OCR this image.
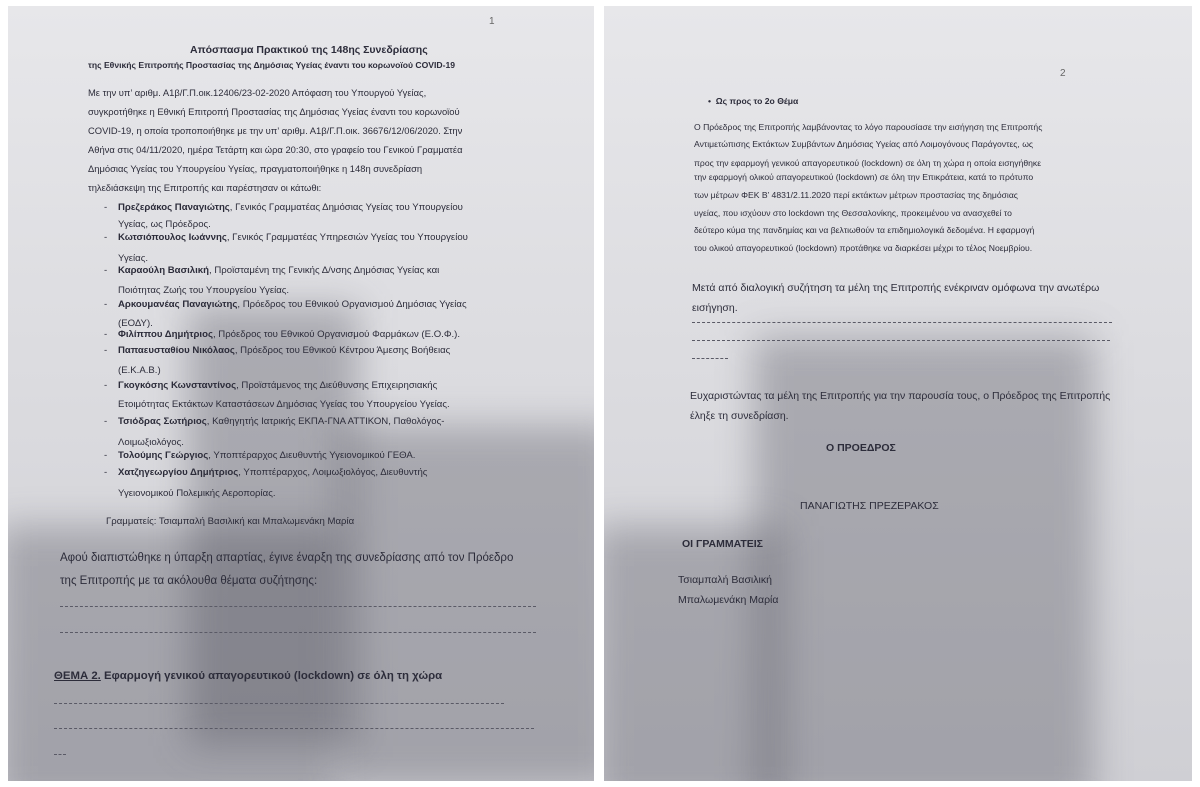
1
Απόσπασμα Πρακτικού της 148ης Συνεδρίασης
της Εθνικής Επιτροπής Προστασίας της Δημόσιας Υγείας έναντι του κορωνοϊού COVID-19
Με την υπ’ αριθμ. Α1β/Γ.Π.οικ.12406/23-02-2020 Απόφαση του Υπουργού Υγείας,
συγκροτήθηκε η Εθνική Επιτροπή Προστασίας της Δημόσιας Υγείας έναντι του κορωνοϊού
COVID-19, η οποία τροποποιήθηκε με την υπ’ αριθμ. Α1β/Γ.Π.οικ. 36676/12/06/2020. Στην
Αθήνα στις 04/11/2020, ημέρα Τετάρτη και ώρα 20:30, στο γραφείο του Γενικού Γραμματέα
Δημόσιας Υγείας του Υπουργείου Υγείας, πραγματοποιήθηκε η 148η συνεδρίαση
τηλεδιάσκεψη της Επιτροπής και παρέστησαν οι κάτωθι:
- Πρεζεράκος Παναγιώτης, Γενικός Γραμματέας Δημόσιας Υγείας του Υπουργείου
Υγείας, ως Πρόεδρος.
- Κωτσιόπουλος Ιωάννης, Γενικός Γραμματέας Υπηρεσιών Υγείας του Υπουργείου
Υγείας.
- Καραούλη Βασιλική, Προϊσταμένη της Γενικής Δ/νσης Δημόσιας Υγείας και
Ποιότητας Ζωής του Υπουργείου Υγείας.
- Αρκουμανέας Παναγιώτης, Πρόεδρος του Εθνικού Οργανισμού Δημόσιας Υγείας
(ΕΟΔΥ).
- Φιλίππου Δημήτριος, Πρόεδρος του Εθνικού Οργανισμού Φαρμάκων (Ε.Ο.Φ.).
- Παπαευσταθίου Νικόλαος, Πρόεδρος του Εθνικού Κέντρου Άμεσης Βοήθειας
(Ε.Κ.Α.Β.)
- Γκογκόσης Κωνσταντίνος, Προϊστάμενος της Διεύθυνσης Επιχειρησιακής
Ετοιμότητας Εκτάκτων Καταστάσεων Δημόσιας Υγείας του Υπουργείου Υγείας.
- Τσιόδρας Σωτήριος, Καθηγητής Ιατρικής ΕΚΠΑ-ΓΝΑ ΑΤΤΙΚΟΝ, Παθολόγος-
Λοιμωξιολόγος.
- Τολούμης Γεώργιος, Υποπτέραρχος Διευθυντής Υγειονομικού ΓΕΘΑ.
- Χατζηγεωργίου Δημήτριος, Υποπτέραρχος, Λοιμωξιολόγος, Διευθυντής
Υγειονομικού Πολεμικής Αεροπορίας.
Γραμματείς: Τσιαμπαλή Βασιλική και Μπαλωμενάκη Μαρία
Αφού διαπιστώθηκε η ύπαρξη απαρτίας, έγινε έναρξη της συνεδρίασης από τον Πρόεδρο
της Επιτροπής με τα ακόλουθα θέματα συζήτησης:
ΘΕΜΑ 2. Εφαρμογή γενικού απαγορευτικού (lockdown) σε όλη τη χώρα
2
•  Ως προς το 2ο Θέμα
Ο Πρόεδρος της Επιτροπής λαμβάνοντας το λόγο παρουσίασε την εισήγηση της Επιτροπής
Αντιμετώπισης Εκτάκτων Συμβάντων Δημόσιας Υγείας από Λοιμογόνους Παράγοντες, ως
προς την εφαρμογή γενικού απαγορευτικού (lockdown) σε όλη τη χώρα η οποία εισηγήθηκε
την εφαρμογή ολικού απαγορευτικού (lockdown) σε όλη την Επικράτεια, κατά το πρότυπο
των μέτρων ΦΕΚ Β’ 4831/2.11.2020 περί εκτάκτων μέτρων προστασίας της δημόσιας
υγείας, που ισχύουν στο lockdown της Θεσσαλονίκης, προκειμένου να ανασχεθεί το
δεύτερο κύμα της πανδημίας και να βελτιωθούν τα επιδημιολογικά δεδομένα. Η εφαρμογή
του ολικού απαγορευτικού (lockdown) προτάθηκε να διαρκέσει μέχρι το τέλος Νοεμβρίου.
Μετά από διαλογική συζήτηση τα μέλη της Επιτροπής ενέκριναν ομόφωνα την ανωτέρω
εισήγηση.
Ευχαριστώντας τα μέλη της Επιτροπής για την παρουσία τους, ο Πρόεδρος της Επιτροπής
έληξε τη συνεδρίαση.
Ο ΠΡΟΕΔΡΟΣ
ΠΑΝΑΓΙΩΤΗΣ ΠΡΕΖΕΡΑΚΟΣ
ΟΙ ΓΡΑΜΜΑΤΕΙΣ
Τσιαμπαλή Βασιλική
Μπαλωμενάκη Μαρία
